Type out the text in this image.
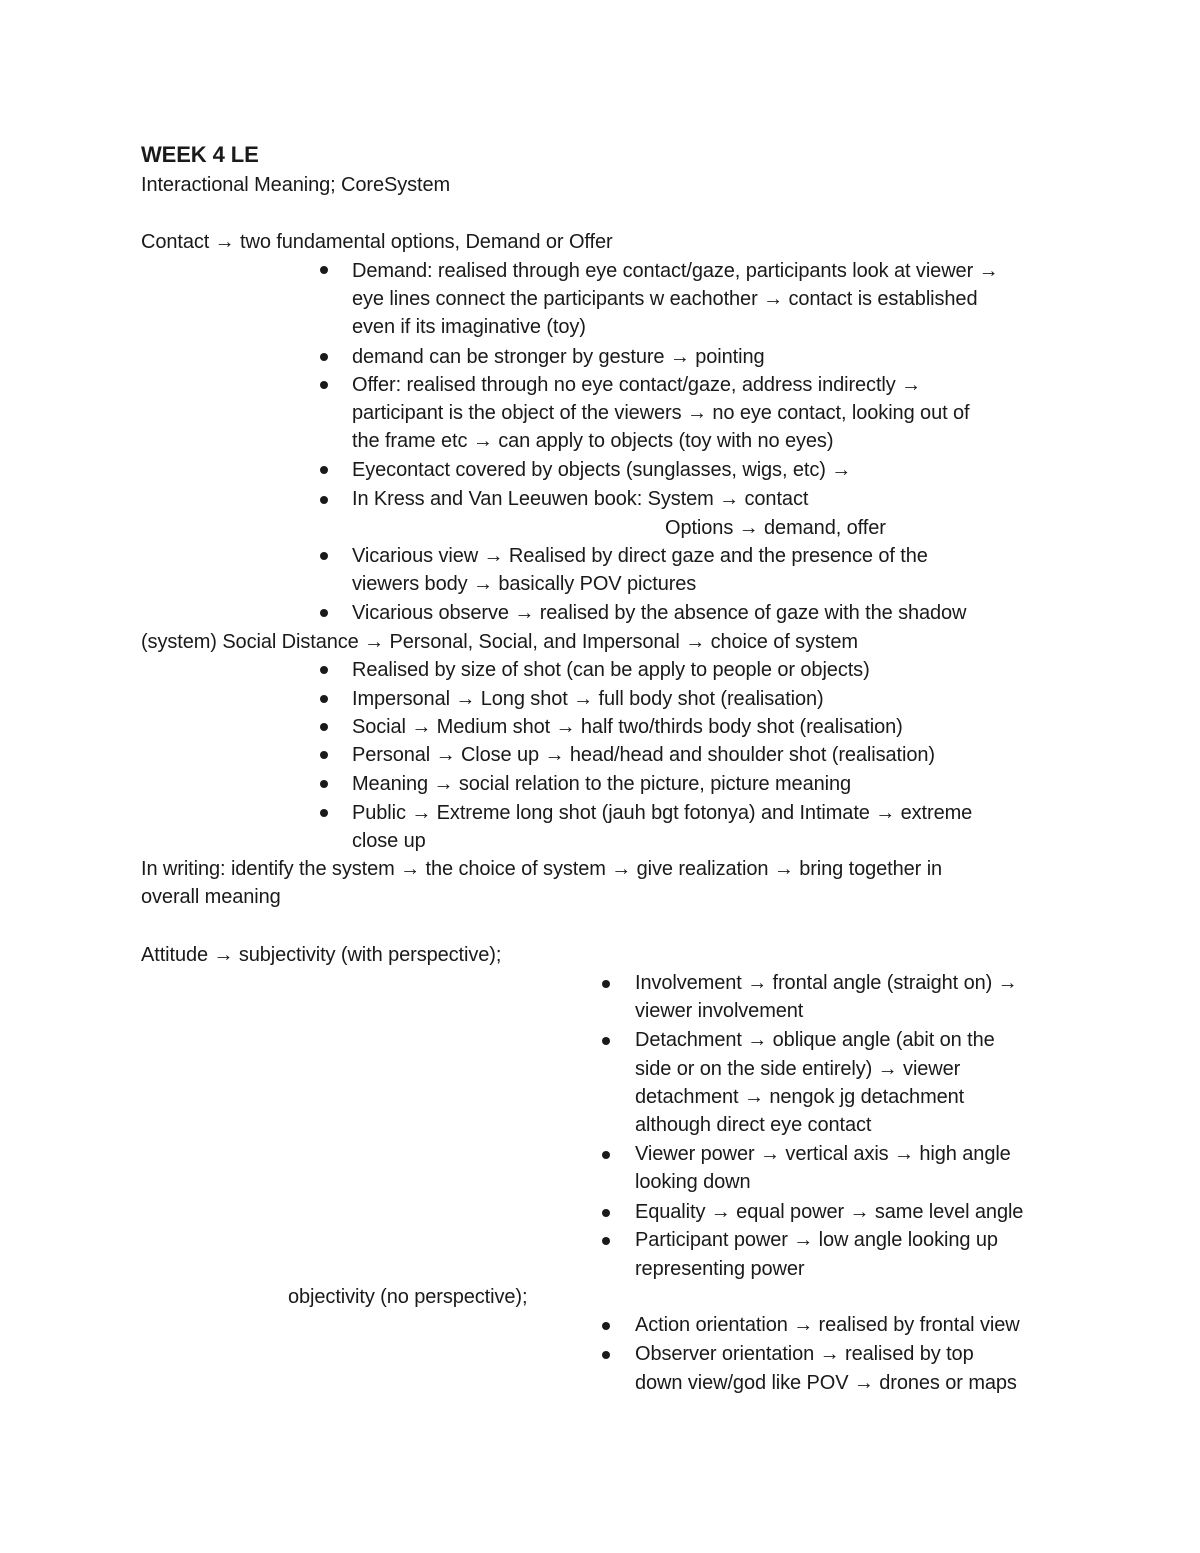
WEEK 4 LE
Interactional Meaning; CoreSystem
Contact → two fundamental options, Demand or Offer
Demand: realised through eye contact/gaze, participants look at viewer →
eye lines connect the participants w eachother → contact is established
even if its imaginative (toy)
demand can be stronger by gesture → pointing
Offer: realised through no eye contact/gaze, address indirectly →
participant is the object of the viewers → no eye contact, looking out of
the frame etc → can apply to objects (toy with no eyes)
Eyecontact covered by objects (sunglasses, wigs, etc) →
In Kress and Van Leeuwen book: System → contact
Options → demand, offer
Vicarious view → Realised by direct gaze and the presence of the
viewers body → basically POV pictures
Vicarious observe → realised by the absence of gaze with the shadow
(system) Social Distance → Personal, Social, and Impersonal → choice of system
Realised by size of shot (can be apply to people or objects)
Impersonal → Long shot → full body shot (realisation)
Social → Medium shot → half two/thirds body shot (realisation)
Personal → Close up → head/head and shoulder shot (realisation)
Meaning → social relation to the picture, picture meaning
Public → Extreme long shot (jauh bgt fotonya) and Intimate → extreme
close up
In writing: identify the system → the choice of system → give realization → bring together in
overall meaning
Attitude → subjectivity (with perspective);
Involvement → frontal angle (straight on) →
viewer involvement
Detachment → oblique angle (abit on the
side or on the side entirely) → viewer
detachment → nengok jg detachment
although direct eye contact
Viewer power → vertical axis → high angle
looking down
Equality → equal power → same level angle
Participant power → low angle looking up
representing power
objectivity (no perspective);
Action orientation → realised by frontal view
Observer orientation → realised by top
down view/god like POV → drones or maps
